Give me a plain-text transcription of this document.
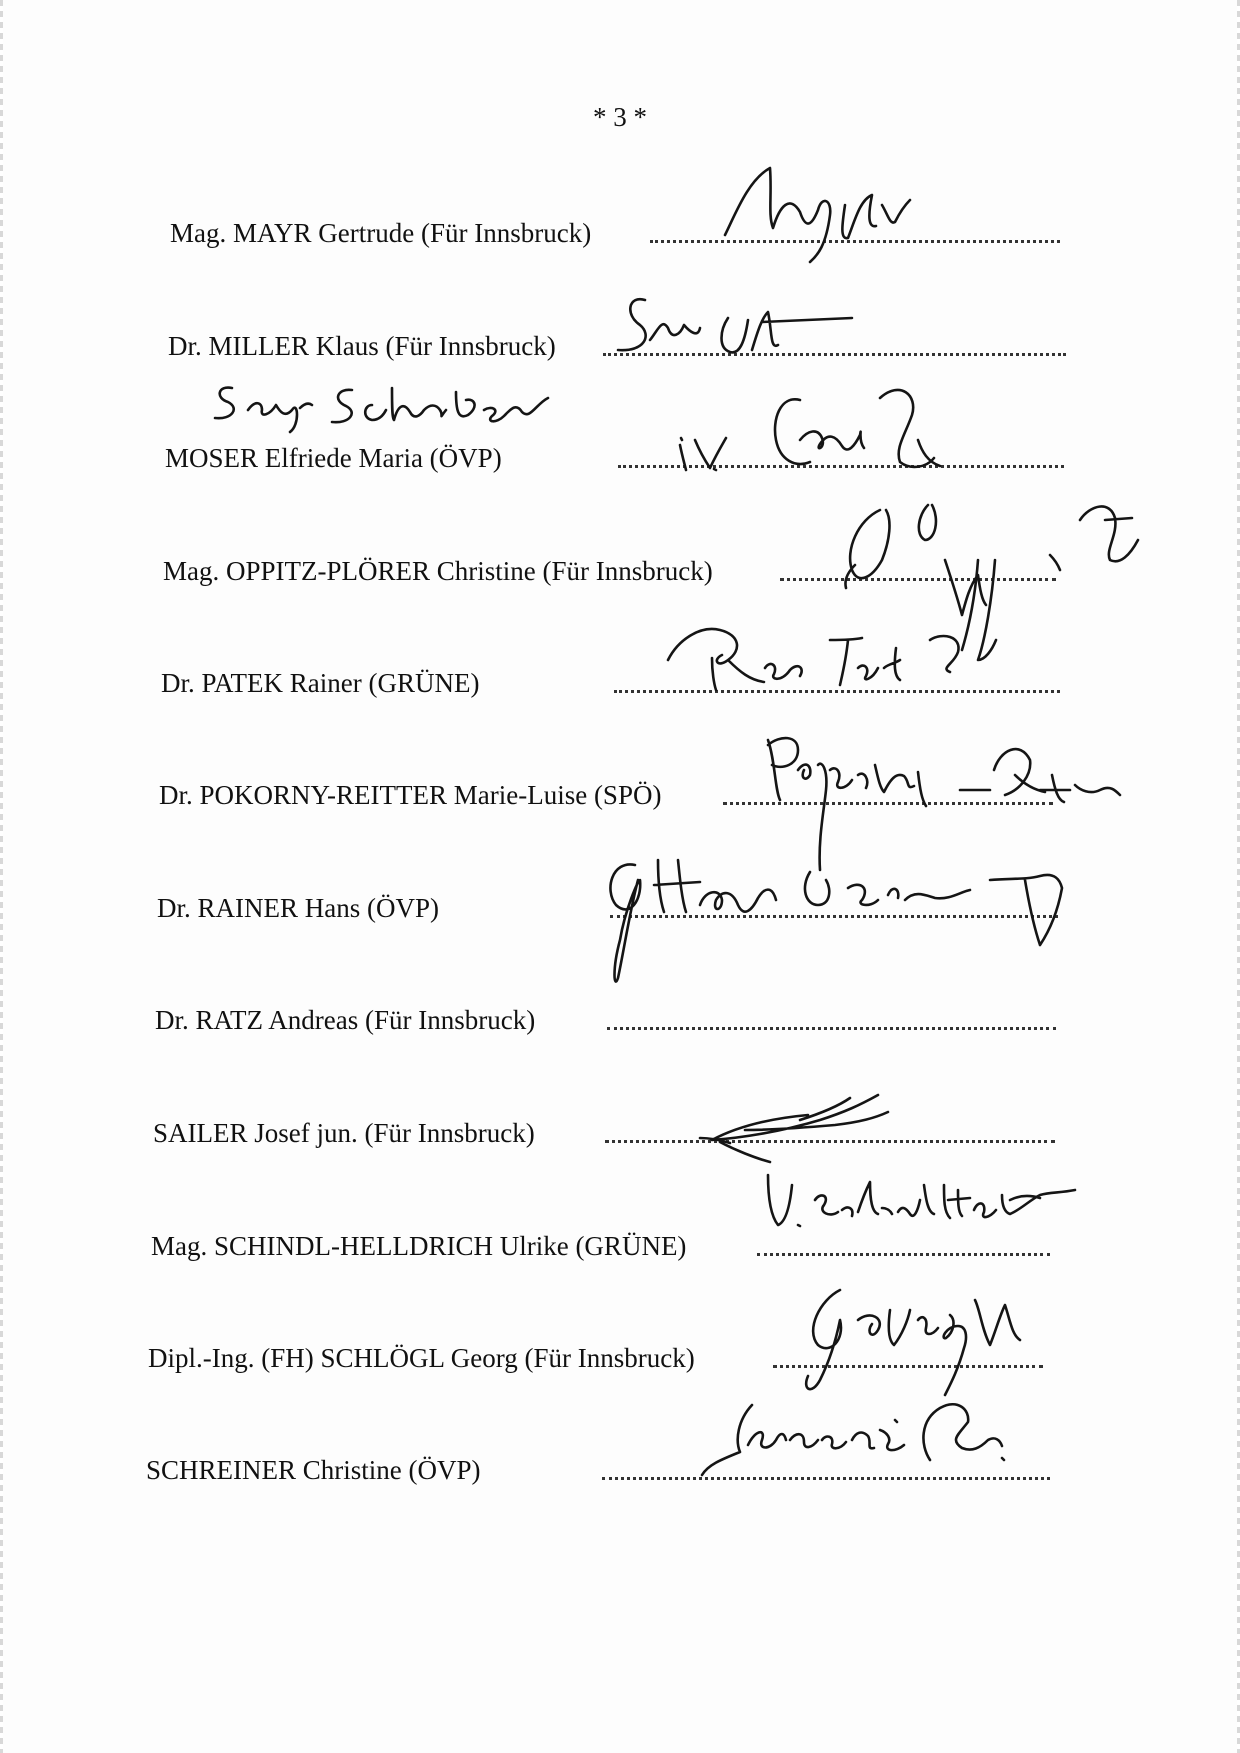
* 3 *
Mag. MAYR Gertrude (Für Innsbruck)
Dr. MILLER Klaus (Für Innsbruck)
MOSER Elfriede Maria (ÖVP)
Mag. OPPITZ-PLÖRER Christine (Für Innsbruck)
Dr. PATEK Rainer (GRÜNE)
Dr. POKORNY-REITTER Marie-Luise (SPÖ)
Dr. RAINER Hans (ÖVP)
Dr. RATZ Andreas (Für Innsbruck)
SAILER Josef jun. (Für Innsbruck)
Mag. SCHINDL-HELLDRICH Ulrike (GRÜNE)
Dipl.-Ing. (FH) SCHLÖGL Georg (Für Innsbruck)
SCHREINER Christine (ÖVP)
